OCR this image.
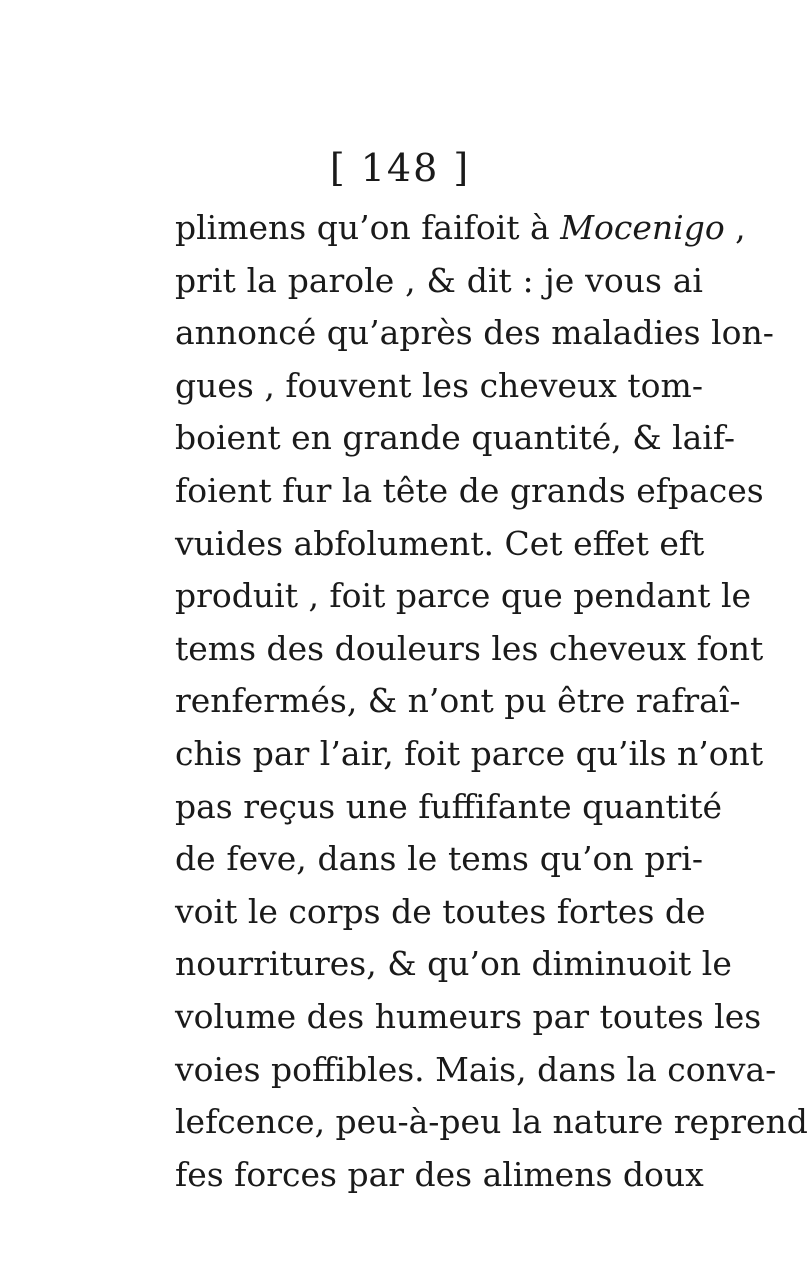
[ 148 ]
plimens qu’on faifoit à Mocenigo ,
prit la parole , & dit : je vous ai
annoncé qu’après des maladies lon-
gues , fouvent les cheveux tom-
boient en grande quantité, & laif-
foient fur la tête de grands efpaces
vuides abfolument. Cet effet eft
produit , foit parce que pendant le
tems des douleurs les cheveux font
renfermés, & n’ont pu être rafraî-
chis par l’air, foit parce qu’ils n’ont
pas reçus une fuffifante quantité
de feve, dans le tems qu’on pri-
voit le corps de toutes fortes de
nourritures, & qu’on diminuoit le
volume des humeurs par toutes les
voies poffibles. Mais, dans la conva-
lefcence, peu-à-peu la nature reprend
fes forces par des alimens doux
